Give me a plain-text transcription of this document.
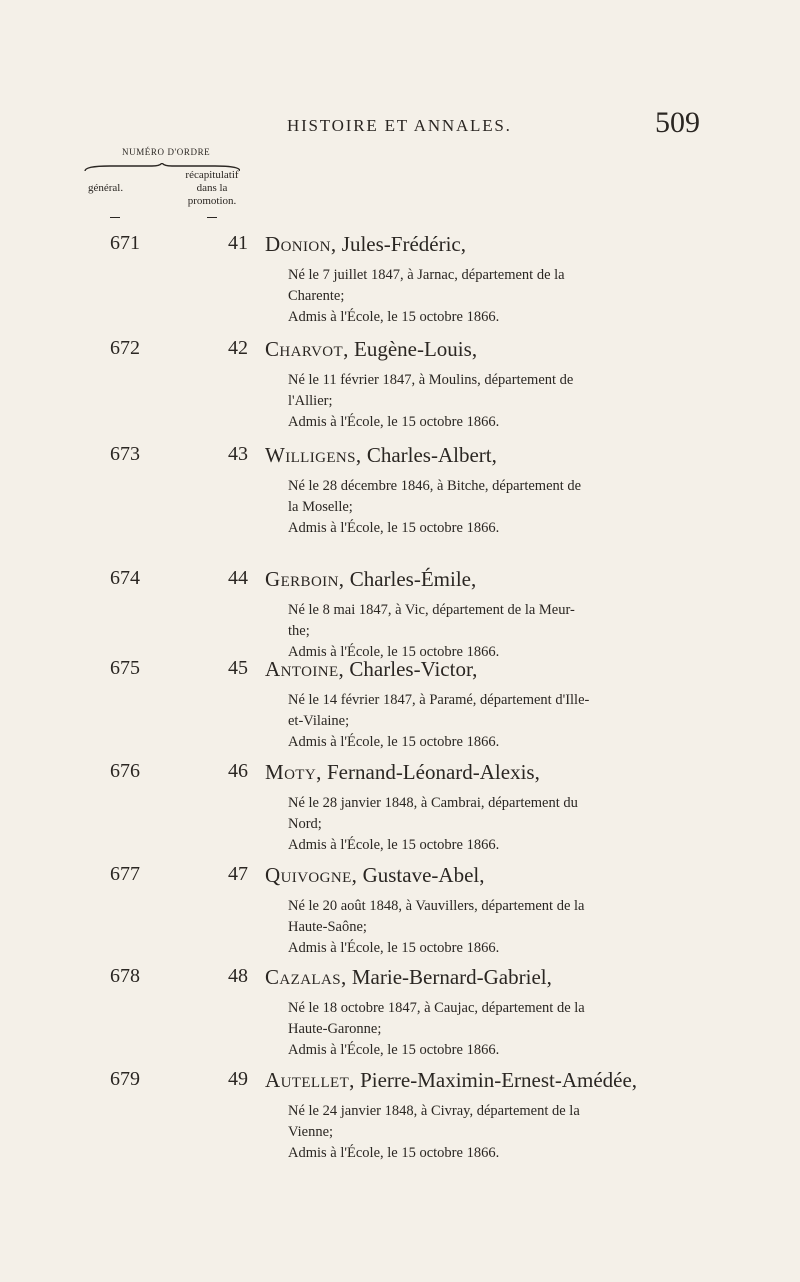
HISTOIRE ET ANNALES.	509
NUMÉRO D'ORDRE
général.
récapitulatif
dans la
promotion.
671	41 Donion, Jules-Frédéric,

Né le 7 juillet 1847, à Jarnac, département de la
Charente;

Admis à l'École, le 15 octobre 1866.

672	42 Charvot, Eugène-Louis,

Né le 11 février 1847, à Moulins, département de
l'Allier;

Admis à l'École, le 15 octobre 1866.

673	43 Willigens, Charles-Albert,

Né le 28 décembre 1846, à Bitche, département de
la Moselle;

Admis à l'École, le 15 octobre 1866.

674	44 Gerboin, Charles-Émile,

Né le 8 mai 1847, à Vic, département de la Meur-
the;

Admis à l'École, le 15 octobre 1866.

675	45 Antoine, Charles-Victor,

Né le 14 février 1847, à Paramé, département d'Ille-
et-Vilaine;

Admis à l'École, le 15 octobre 1866.

676	46 Moty, Fernand-Léonard-Alexis,

Né le 28 janvier 1848, à Cambrai, département du
Nord;

Admis à l'École, le 15 octobre 1866.

677	47 Quivogne, Gustave-Abel,

Né le 20 août 1848, à Vauvillers, département de la
Haute-Saône;

Admis à l'École, le 15 octobre 1866.

678	48 Cazalas, Marie-Bernard-Gabriel,

Né le 18 octobre 1847, à Caujac, département de la
Haute-Garonne;

Admis à l'École, le 15 octobre 1866.

679	49 Autellet, Pierre-Maximin-Ernest-Amédée,

Né le 24 janvier 1848, à Civray, département de la
Vienne;

Admis à l'École, le 15 octobre 1866.
